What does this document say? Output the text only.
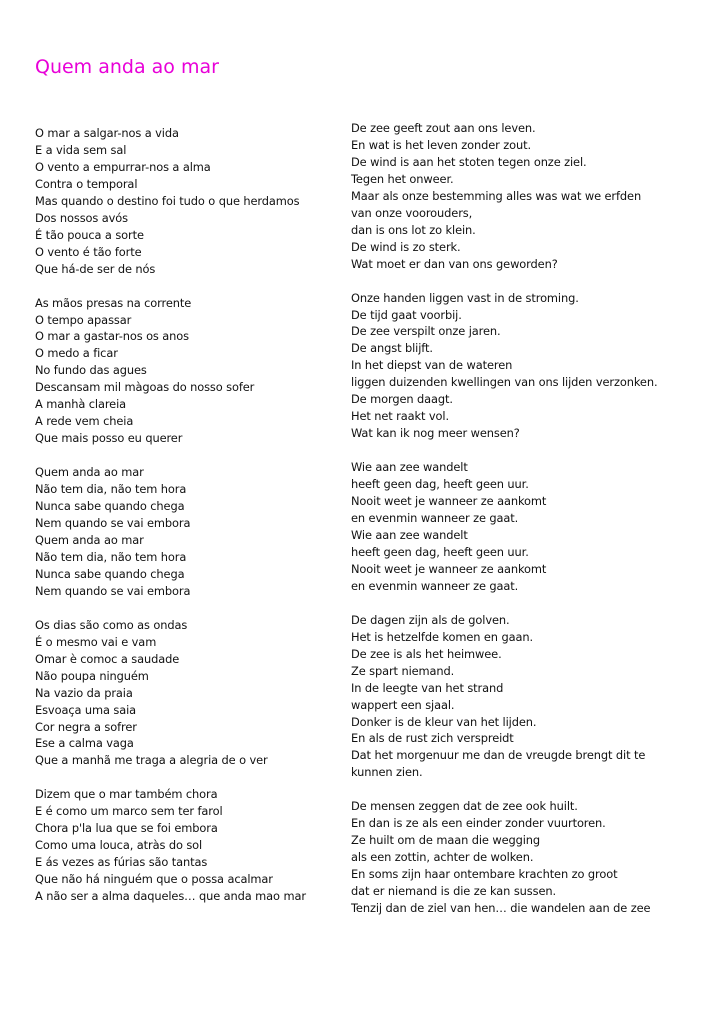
Quem anda ao mar
O mar a salgar-nos a vida
E a vida sem sal
O vento a empurrar-nos a alma
Contra o temporal
Mas quando o destino foi tudo o que herdamos
Dos nossos avós
É tão pouca a sorte
O vento é tão forte
Que há-de ser de nós
As mãos presas na corrente
O tempo apassar
O mar a gastar-nos os anos
O medo a ficar
No fundo das agues
Descansam mil màgoas do nosso sofer
A manhà clareia
A rede vem cheia
Que mais posso eu querer
Quem anda ao mar
Não tem dia, não tem hora
Nunca sabe quando chega
Nem quando se vai embora
Quem anda ao mar
Não tem dia, não tem hora
Nunca sabe quando chega
Nem quando se vai embora
Os dias são como as ondas
É o mesmo vai e vam
Omar è comoc a saudade
Não poupa ninguém
Na vazio da praia
Esvoaça uma saia
Cor negra a sofrer
Ese a calma vaga
Que a manhã me traga a alegria de o ver
Dizem que o mar também chora
E é como um marco sem ter farol
Chora p'la lua que se foi embora
Como uma louca, atràs do sol
E ás vezes as fúrias são tantas
Que não há ninguém que o possa acalmar
A não ser a alma daqueles… que anda mao mar
De zee geeft zout aan ons leven.
En wat is het leven zonder zout.
De wind is aan het stoten tegen onze ziel.
Tegen het onweer.
Maar als onze bestemming alles was wat we erfden
van onze voorouders,
dan is ons lot zo klein.
De wind is zo sterk.
Wat moet er dan van ons geworden?
Onze handen liggen vast in de stroming.
De tijd gaat voorbij.
De zee verspilt onze jaren.
De angst blijft.
In het diepst van de wateren
liggen duizenden kwellingen van ons lijden verzonken.
De morgen daagt.
Het net raakt vol.
Wat kan ik nog meer wensen?
Wie aan zee wandelt
heeft geen dag, heeft geen uur.
Nooit weet je wanneer ze aankomt
en evenmin wanneer ze gaat.
Wie aan zee wandelt
heeft geen dag, heeft geen uur.
Nooit weet je wanneer ze aankomt
en evenmin wanneer ze gaat.
De dagen zijn als de golven.
Het is hetzelfde komen en gaan.
De zee is als het heimwee.
Ze spart niemand.
In de leegte van het strand
wappert een sjaal.
Donker is de kleur van het lijden.
En als de rust zich verspreidt
Dat het morgenuur me dan de vreugde brengt dit te kunnen zien.
De mensen zeggen dat de zee ook huilt.
En dan is ze als een einder zonder vuurtoren.
Ze huilt om de maan die wegging
als een zottin, achter de wolken.
En soms zijn haar ontembare krachten zo groot
dat er niemand is die ze kan sussen.
Tenzij dan de ziel van hen… die wandelen aan de zee
